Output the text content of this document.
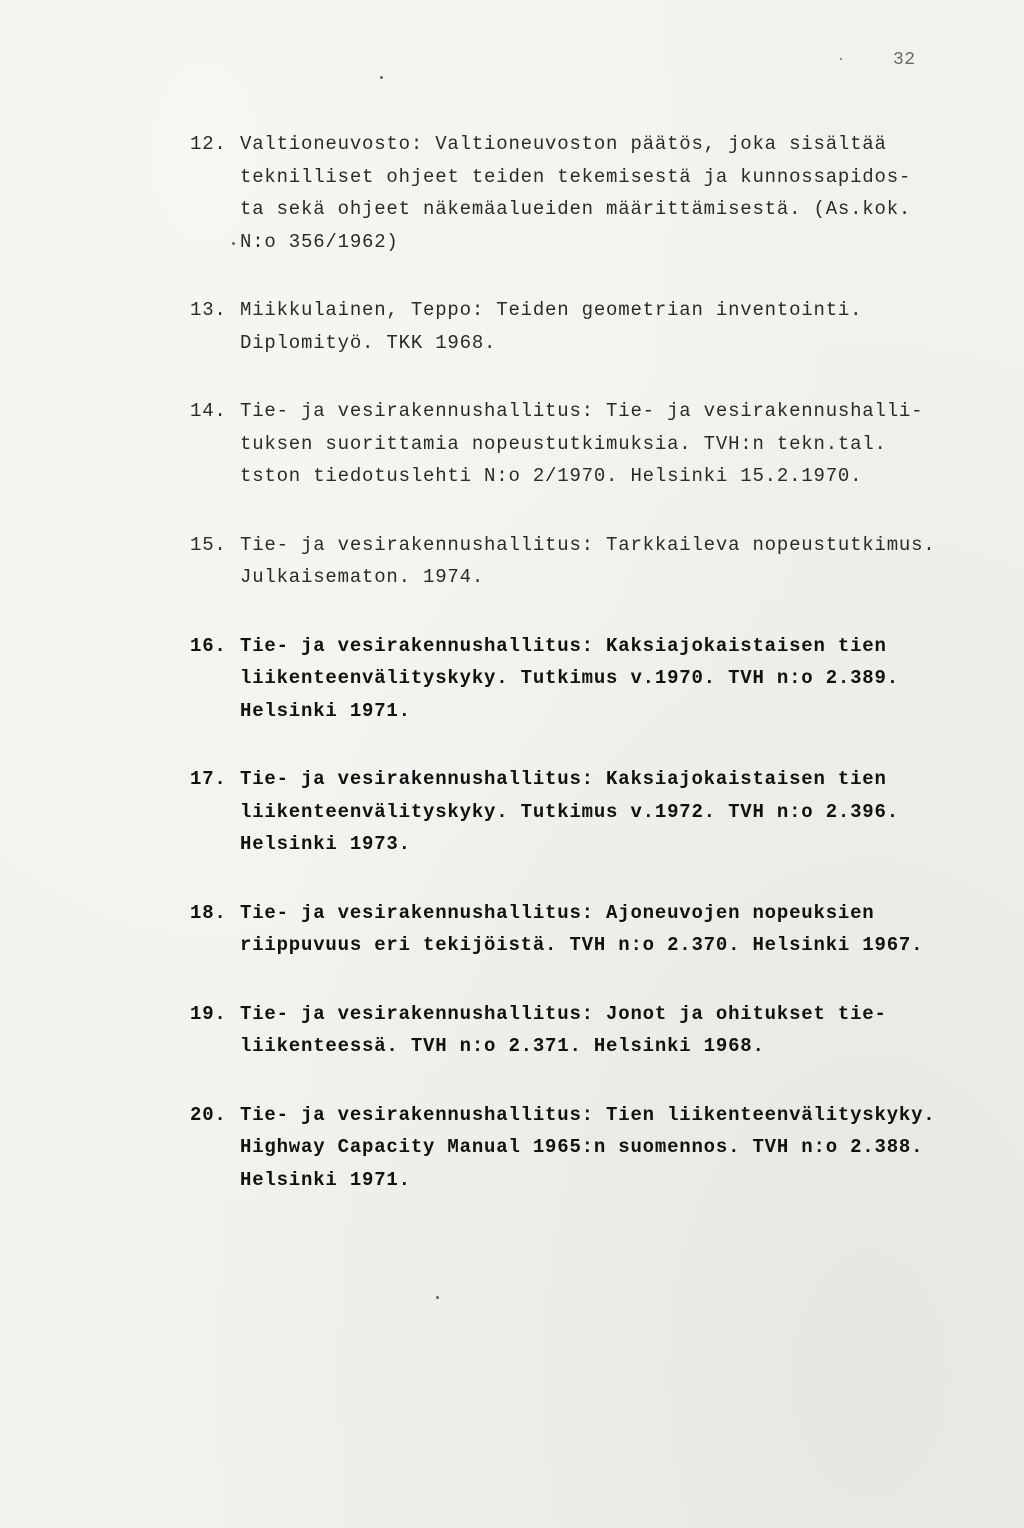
32
12. Valtioneuvosto: Valtioneuvoston päätös, joka sisältää
teknilliset ohjeet teiden tekemisestä ja kunnossapidos-
ta sekä ohjeet näkemäalueiden määrittämisestä. (As.kok.
N:o 356/1962)

13. Miikkulainen, Teppo: Teiden geometrian inventointi.
Diplomityö. TKK 1968.

14. Tie- ja vesirakennushallitus: Tie- ja vesirakennushalli-
tuksen suorittamia nopeustutkimuksia. TVH:n tekn.tal.
tston tiedotuslehti N:o 2/1970. Helsinki 15.2.1970.

15. Tie- ja vesirakennushallitus: Tarkkaileva nopeustutkimus.
Julkaisematon. 1974.

16. Tie- ja vesirakennushallitus: Kaksiajokaistaisen tien
liikenteenvälityskyky. Tutkimus v.1970. TVH n:o 2.389.
Helsinki 1971.

17. Tie- ja vesirakennushallitus: Kaksiajokaistaisen tien
liikenteenvälityskyky. Tutkimus v.1972. TVH n:o 2.396.
Helsinki 1973.

18. Tie- ja vesirakennushallitus: Ajoneuvojen nopeuksien
riippuvuus eri tekijöistä. TVH n:o 2.370. Helsinki 1967.

19. Tie- ja vesirakennushallitus: Jonot ja ohitukset tie-
liikenteessä. TVH n:o 2.371. Helsinki 1968.

20. Tie- ja vesirakennushallitus: Tien liikenteenvälityskyky.
Highway Capacity Manual 1965:n suomennos. TVH n:o 2.388.
Helsinki 1971.
